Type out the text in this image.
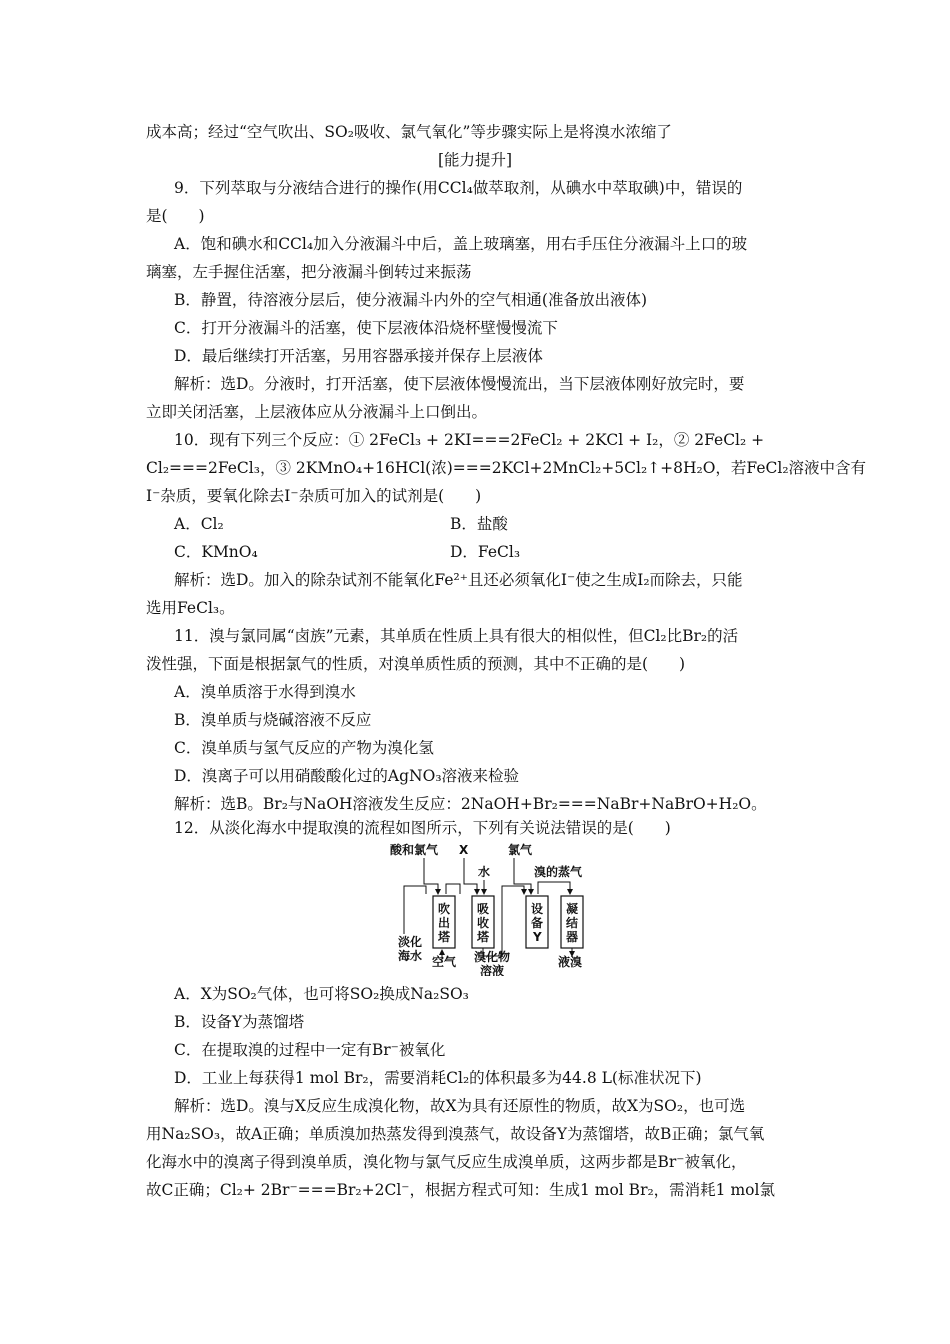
成本高；经过“空气吹出、SO₂吸收、氯气氧化”等步骤实际上是将溴水浓缩了
[能力提升]
9．下列萃取与分液结合进行的操作(用CCl₄做萃取剂，从碘水中萃取碘)中，错误的
是(　　)
A．饱和碘水和CCl₄加入分液漏斗中后，盖上玻璃塞，用右手压住分液漏斗上口的玻
璃塞，左手握住活塞，把分液漏斗倒转过来振荡
B．静置，待溶液分层后，使分液漏斗内外的空气相通(准备放出液体)
C．打开分液漏斗的活塞，使下层液体沿烧杯壁慢慢流下
D．最后继续打开活塞，另用容器承接并保存上层液体
解析：选D。分液时，打开活塞，使下层液体慢慢流出，当下层液体刚好放完时，要
立即关闭活塞，上层液体应从分液漏斗上口倒出。
10．现有下列三个反应：① 2FeCl₃ + 2KI===2FeCl₂ + 2KCl + I₂，② 2FeCl₂ +
Cl₂===2FeCl₃，③ 2KMnO₄+16HCl(浓)===2KCl+2MnCl₂+5Cl₂↑+8H₂O，若FeCl₂溶液中含有
I⁻杂质，要氧化除去I⁻杂质可加入的试剂是(　　)
A．Cl₂	B．盐酸
C．KMnO₄	D．FeCl₃
解析：选D。加入的除杂试剂不能氧化Fe²⁺且还必须氧化I⁻使之生成I₂而除去，只能
选用FeCl₃。
11．溴与氯同属“卤族”元素，其单质在性质上具有很大的相似性，但Cl₂比Br₂的活
泼性强，下面是根据氯气的性质，对溴单质性质的预测，其中不正确的是(　　)
A．溴单质溶于水得到溴水
B．溴单质与烧碱溶液不反应
C．溴单质与氢气反应的产物为溴化氢
D．溴离子可以用硝酸酸化过的AgNO₃溶液来检验
解析：选B。Br₂与NaOH溶液发生反应：2NaOH+Br₂===NaBr+NaBrO+H₂O。
12．从淡化海水中提取溴的流程如图所示，下列有关说法错误的是(　　)
酸和氯气 X	氯气
水	溴的蒸气
吹
出
塔
吸
收
塔
设
备
Y
凝
结
器
淡化
海水 空气 溴化物
溶液
液溴
A．X为SO₂气体，也可将SO₂换成Na₂SO₃
B．设备Y为蒸馏塔
C．在提取溴的过程中一定有Br⁻被氧化
D．工业上每获得1 mol Br₂，需要消耗Cl₂的体积最多为44.8 L(标准状况下)
解析：选D。溴与X反应生成溴化物，故X为具有还原性的物质，故X为SO₂，也可选
用Na₂SO₃，故A正确；单质溴加热蒸发得到溴蒸气，故设备Y为蒸馏塔，故B正确；氯气氧
化海水中的溴离子得到溴单质，溴化物与氯气反应生成溴单质，这两步都是Br⁻被氧化，
故C正确；Cl₂+ 2Br⁻===Br₂+2Cl⁻，根据方程式可知：生成1 mol Br₂，需消耗1 mol氯
